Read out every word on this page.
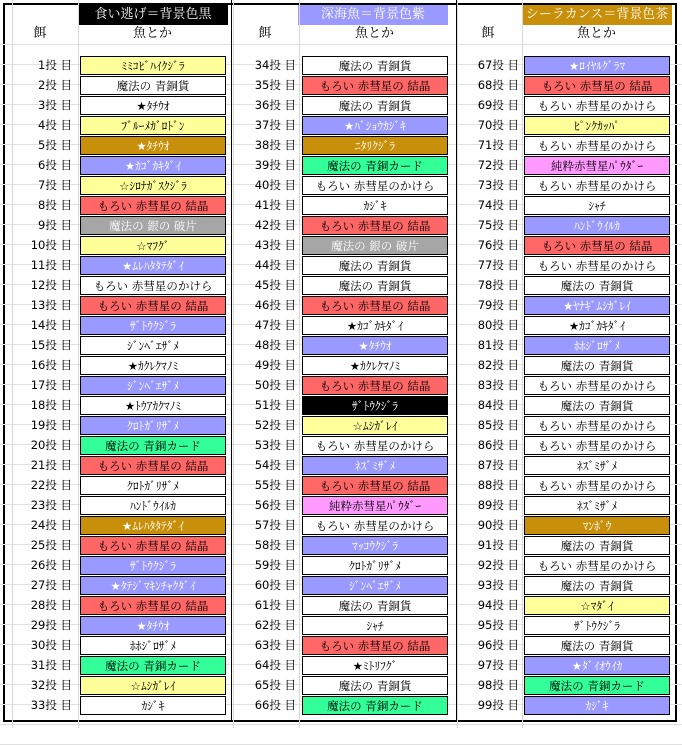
食い逃げ＝背景色黒	深海魚＝背景色紫	シーラカンス＝背景色茶
餌	魚とか	餌	魚とか	餌	魚とか
1投 目	ﾐﾐｺﾋﾞﾊｲｸｼﾞﾗ
2投 目	魔法の 青銅貨
3投 目	★ﾀﾁｳｵ
4投 目	ﾌﾞﾙｰﾒｶﾞﾛﾄﾞﾝ
5投 目	★ﾀﾁｳｵ
6投 目	★ｶｺﾞｶｷﾀﾞｲ
7投 目	☆ｼﾛﾅｶﾞｽｸｼﾞﾗ
8投 目	もろい 赤彗星の 結晶
9投 目	魔法の 銀の 破片
10投 目	☆ﾏﾌｸﾞ
11投 目	★ﾑﾚﾊﾀﾀﾃﾀﾞｲ
12投 目	もろい 赤彗星のかけら
13投 目	もろい 赤彗星の 結晶
14投 目	ｻﾞﾄｳｸｼﾞﾗ
15投 目	ｼﾞﾝﾍﾞｴｻﾞﾒ
16投 目	★ｶｸﾚｸﾏﾉﾐ
17投 目	ｼﾞﾝﾍﾞｴｻﾞﾒ
18投 目	★ﾄｳｱｶｸﾏﾉﾐ
19投 目	ｸﾛﾄｶﾞﾘｻﾞﾒ
20投 目	魔法の 青銅カード
21投 目	もろい 赤彗星の 結晶
22投 目	ｸﾛﾄｶﾞﾘｻﾞﾒ
23投 目	ﾊﾝﾄﾞｳｲﾙｶ
24投 目	★ﾑﾚﾊﾀﾀﾃﾀﾞｲ
25投 目	もろい 赤彗星の 結晶
26投 目	ｻﾞﾄｳｸｼﾞﾗ
27投 目	★ﾀﾃｼﾞﾏｷﾝﾁｬｸﾀﾞｲ
28投 目	もろい 赤彗星の 結晶
29投 目	★ﾀﾁｳｵ
30投 目	ﾎﾎｼﾞﾛｻﾞﾒ
31投 目	魔法の 青銅カード
32投 目	☆ﾑｼｶﾞﾚｲ
33投 目	ｶｼﾞｷ
34投 目	魔法の 青銅貨
35投 目	もろい 赤彗星の 結晶
36投 目	魔法の 青銅貨
37投 目	★ﾊﾞｼｮｳｶｼﾞｷ
38投 目	ﾆﾀﾘｸｼﾞﾗ
39投 目	魔法の 青銅カード
40投 目	もろい 赤彗星のかけら
41投 目	ｶｼﾞｷ
42投 目	もろい 赤彗星の 結晶
43投 目	魔法の 銀の 破片
44投 目	魔法の 青銅貨
45投 目	魔法の 青銅貨
46投 目	もろい 赤彗星の 結晶
47投 目	★ｶｺﾞｶｷﾀﾞｲ
48投 目	★ﾀﾁｳｵ
49投 目	★ｶｸﾚｸﾏﾉﾐ
50投 目	もろい 赤彗星の 結晶
51投 目	ｻﾞﾄｳｸｼﾞﾗ
52投 目	☆ﾑｼｶﾞﾚｲ
53投 目	もろい 赤彗星のかけら
54投 目	ﾈｽﾞﾐｻﾞﾒ
55投 目	もろい 赤彗星の 結晶
56投 目	純粋赤彗星ﾊﾟｳﾀﾞｰ
57投 目	もろい 赤彗星のかけら
58投 目	ﾏｯｺｳｸｼﾞﾗ
59投 目	ｸﾛﾄｶﾞﾘｻﾞﾒ
60投 目	ｼﾞﾝﾍﾞｴｻﾞﾒ
61投 目	魔法の 青銅貨
62投 目	ｼｬﾁ
63投 目	もろい 赤彗星の 結晶
64投 目	★ﾐﾄﾘﾌｸﾞ
65投 目	魔法の 青銅貨
66投 目	魔法の 青銅カード
67投 目	★ﾛｲﾔﾙｸﾞﾗﾏ
68投 目	もろい 赤彗星の 結晶
69投 目	もろい 赤彗星のかけら
70投 目	ﾋﾟﾝｸｶｯﾊﾟ
71投 目	もろい 赤彗星のかけら
72投 目	純粋赤彗星ﾊﾟｳﾀﾞｰ
73投 目	もろい 赤彗星のかけら
74投 目	ｼｬﾁ
75投 目	ﾊﾝﾄﾞｳｲﾙｶ
76投 目	もろい 赤彗星の 結晶
77投 目	もろい 赤彗星のかけら
78投 目	魔法の 青銅貨
79投 目	★ﾔﾅｷﾞﾑｼｶﾞﾚｲ
80投 目	★ｶｺﾞｶｷﾀﾞｲ
81投 目	ﾎﾎｼﾞﾛｻﾞﾒ
82投 目	魔法の 青銅貨
83投 目	もろい 赤彗星のかけら
84投 目	魔法の 青銅貨
85投 目	もろい 赤彗星のかけら
86投 目	もろい 赤彗星のかけら
87投 目	ﾈｽﾞﾐｻﾞﾒ
88投 目	もろい 赤彗星のかけら
89投 目	ﾈｽﾞﾐｻﾞﾒ
90投 目	ﾏﾝﾎﾞｳ
91投 目	魔法の 青銅貨
92投 目	もろい 赤彗星のかけら
93投 目	魔法の 青銅貨
94投 目	☆ﾏﾀﾞｲ
95投 目	ｻﾞﾄｳｸｼﾞﾗ
96投 目	魔法の 青銅貨
97投 目	★ﾀﾞｲｵｳｲｶ
98投 目	魔法の 青銅カード
99投 目	ｶｼﾞｷ
